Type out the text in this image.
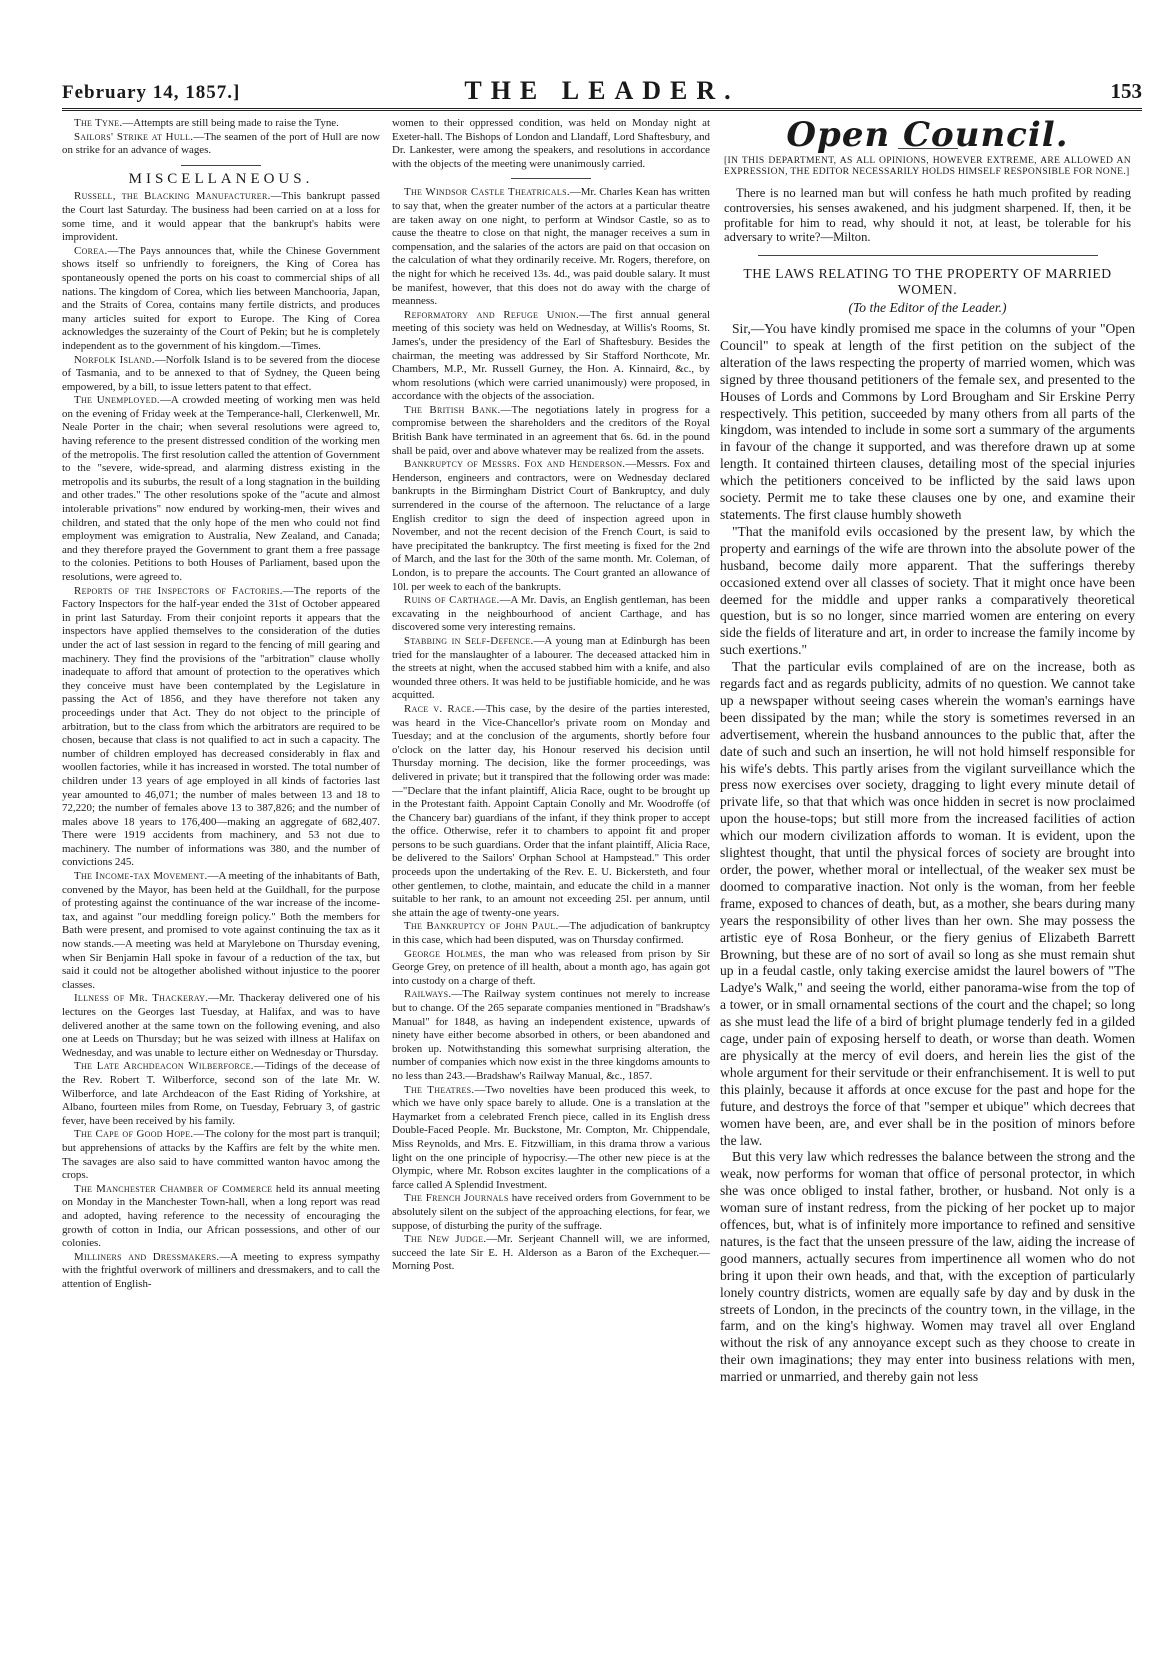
February 14, 1857.]	THE LEADER.	153

The Tyne.—Attempts are still being made to raise the Tyne.

Sailors' Strike at Hull.—The seamen of the port of Hull are now on strike for an advance of wages.

MISCELLANEOUS.

Russell, the Blacking Manufacturer.—This bankrupt passed the Court last Saturday. The business had been carried on at a loss for some time, and it would appear that the bankrupt's habits were improvident.

Corea.—The Pays announces that, while the Chinese Government shows itself so unfriendly to foreigners, the King of Corea has spontaneously opened the ports on his coast to commercial ships of all nations. The kingdom of Corea, which lies between Manchooria, Japan, and the Straits of Corea, contains many fertile districts, and produces many articles suited for export to Europe. The King of Corea acknowledges the suzerainty of the Court of Pekin; but he is completely independent as to the government of his kingdom.—Times.

Norfolk Island.—Norfolk Island is to be severed from the diocese of Tasmania, and to be annexed to that of Sydney, the Queen being empowered, by a bill, to issue letters patent to that effect.

The Unemployed.—A crowded meeting of working men was held on the evening of Friday week at the Temperance-hall, Clerkenwell, Mr. Neale Porter in the chair; when several resolutions were agreed to, having reference to the present distressed condition of the working men of the metropolis. The first resolution called the attention of Government to the "severe, wide-spread, and alarming distress existing in the metropolis and its suburbs, the result of a long stagnation in the building and other trades." The other resolutions spoke of the "acute and almost intolerable privations" now endured by working-men, their wives and children, and stated that the only hope of the men who could not find employment was emigration to Australia, New Zealand, and Canada; and they therefore prayed the Government to grant them a free passage to the colonies. Petitions to both Houses of Parliament, based upon the resolutions, were agreed to.

Reports of the Inspectors of Factories.—The reports of the Factory Inspectors for the half-year ended the 31st of October appeared in print last Saturday. From their conjoint reports it appears that the inspectors have applied themselves to the consideration of the duties under the act of last session in regard to the fencing of mill gearing and machinery. They find the provisions of the "arbitration" clause wholly inadequate to afford that amount of protection to the operatives which they conceive must have been contemplated by the Legislature in passing the Act of 1856, and they have therefore not taken any proceedings under that Act. They do not object to the principle of arbitration, but to the class from which the arbitrators are required to be chosen, because that class is not qualified to act in such a capacity. The number of children employed has decreased considerably in flax and woollen factories, while it has increased in worsted. The total number of children under 13 years of age employed in all kinds of factories last year amounted to 46,071; the number of males between 13 and 18 to 72,220; the number of females above 13 to 387,826; and the number of males above 18 years to 176,400—making an aggregate of 682,407. There were 1919 accidents from machinery, and 53 not due to machinery. The number of informations was 380, and the number of convictions 245.

The Income-tax Movement.—A meeting of the inhabitants of Bath, convened by the Mayor, has been held at the Guildhall, for the purpose of protesting against the continuance of the war increase of the income-tax, and against "our meddling foreign policy." Both the members for Bath were present, and promised to vote against continuing the tax as it now stands.—A meeting was held at Marylebone on Thursday evening, when Sir Benjamin Hall spoke in favour of a reduction of the tax, but said it could not be altogether abolished without injustice to the poorer classes.

Illness of Mr. Thackeray.—Mr. Thackeray delivered one of his lectures on the Georges last Tuesday, at Halifax, and was to have delivered another at the same town on the following evening, and also one at Leeds on Thursday; but he was seized with illness at Halifax on Wednesday, and was unable to lecture either on Wednesday or Thursday.

The Late Archdeacon Wilberforce.—Tidings of the decease of the Rev. Robert T. Wilberforce, second son of the late Mr. W. Wilberforce, and late Archdeacon of the East Riding of Yorkshire, at Albano, fourteen miles from Rome, on Tuesday, February 3, of gastric fever, have been received by his family.

The Cape of Good Hope.—The colony for the most part is tranquil; but apprehensions of attacks by the Kaffirs are felt by the white men. The savages are also said to have committed wanton havoc among the crops.

The Manchester Chamber of Commerce held its annual meeting on Monday in the Manchester Town-hall, when a long report was read and adopted, having reference to the necessity of encouraging the growth of cotton in India, our African possessions, and other of our colonies.

Milliners and Dressmakers.—A meeting to express sympathy with the frightful overwork of milliners and dressmakers, and to call the attention of English-

women to their oppressed condition, was held on Monday night at Exeter-hall. The Bishops of London and Llandaff, Lord Shaftesbury, and Dr. Lankester, were among the speakers, and resolutions in accordance with the objects of the meeting were unanimously carried.

The Windsor Castle Theatricals.—Mr. Charles Kean has written to say that, when the greater number of the actors at a particular theatre are taken away on one night, to perform at Windsor Castle, so as to cause the theatre to close on that night, the manager receives a sum in compensation, and the salaries of the actors are paid on that occasion on the calculation of what they ordinarily receive. Mr. Rogers, therefore, on the night for which he received 13s. 4d., was paid double salary. It must be manifest, however, that this does not do away with the charge of meanness.

Reformatory and Refuge Union.—The first annual general meeting of this society was held on Wednesday, at Willis's Rooms, St. James's, under the presidency of the Earl of Shaftesbury. Besides the chairman, the meeting was addressed by Sir Stafford Northcote, Mr. Chambers, M.P., Mr. Russell Gurney, the Hon. A. Kinnaird, &c., by whom resolutions (which were carried unanimously) were proposed, in accordance with the objects of the association.

The British Bank.—The negotiations lately in progress for a compromise between the shareholders and the creditors of the Royal British Bank have terminated in an agreement that 6s. 6d. in the pound shall be paid, over and above whatever may be realized from the assets.

Bankruptcy of Messrs. Fox and Henderson.—Messrs. Fox and Henderson, engineers and contractors, were on Wednesday declared bankrupts in the Birmingham District Court of Bankruptcy, and duly surrendered in the course of the afternoon. The reluctance of a large English creditor to sign the deed of inspection agreed upon in November, and not the recent decision of the French Court, is said to have precipitated the bankruptcy. The first meeting is fixed for the 2nd of March, and the last for the 30th of the same month. Mr. Coleman, of London, is to prepare the accounts. The Court granted an allowance of 10l. per week to each of the bankrupts.

Ruins of Carthage.—A Mr. Davis, an English gentleman, has been excavating in the neighbourhood of ancient Carthage, and has discovered some very interesting remains.

Stabbing in Self-Defence.—A young man at Edinburgh has been tried for the manslaughter of a labourer. The deceased attacked him in the streets at night, when the accused stabbed him with a knife, and also wounded three others. It was held to be justifiable homicide, and he was acquitted.

Race v. Race.—This case, by the desire of the parties interested, was heard in the Vice-Chancellor's private room on Monday and Tuesday; and at the conclusion of the arguments, shortly before four o'clock on the latter day, his Honour reserved his decision until Thursday morning. The decision, like the former proceedings, was delivered in private; but it transpired that the following order was made:—"Declare that the infant plaintiff, Alicia Race, ought to be brought up in the Protestant faith. Appoint Captain Conolly and Mr. Woodroffe (of the Chancery bar) guardians of the infant, if they think proper to accept the office. Otherwise, refer it to chambers to appoint fit and proper persons to be such guardians. Order that the infant plaintiff, Alicia Race, be delivered to the Sailors' Orphan School at Hampstead." This order proceeds upon the undertaking of the Rev. E. U. Bickersteth, and four other gentlemen, to clothe, maintain, and educate the child in a manner suitable to her rank, to an amount not exceeding 25l. per annum, until she attain the age of twenty-one years.

The Bankruptcy of John Paul.—The adjudication of bankruptcy in this case, which had been disputed, was on Thursday confirmed.

George Holmes, the man who was released from prison by Sir George Grey, on pretence of ill health, about a month ago, has again got into custody on a charge of theft.

Railways.—The Railway system continues not merely to increase but to change. Of the 265 separate companies mentioned in "Bradshaw's Manual" for 1848, as having an independent existence, upwards of ninety have either become absorbed in others, or been abandoned and broken up. Notwithstanding this somewhat surprising alteration, the number of companies which now exist in the three kingdoms amounts to no less than 243.—Bradshaw's Railway Manual, &c., 1857.

The Theatres.—Two novelties have been produced this week, to which we have only space barely to allude. One is a translation at the Haymarket from a celebrated French piece, called in its English dress Double-Faced People. Mr. Buckstone, Mr. Compton, Mr. Chippendale, Miss Reynolds, and Mrs. E. Fitzwilliam, in this drama throw a various light on the one principle of hypocrisy.—The other new piece is at the Olympic, where Mr. Robson excites laughter in the complications of a farce called A Splendid Investment.

The French Journals have received orders from Government to be absolutely silent on the subject of the approaching elections, for fear, we suppose, of disturbing the purity of the suffrage.

The New Judge.—Mr. Serjeant Channell will, we are informed, succeed the late Sir E. H. Alderson as a Baron of the Exchequer.—Morning Post.

Open Council.
[IN THIS DEPARTMENT, AS ALL OPINIONS, HOWEVER EXTREME, ARE ALLOWED AN EXPRESSION, THE EDITOR NECESSARILY HOLDS HIMSELF RESPONSIBLE FOR NONE.]
There is no learned man but will confess he hath much profited by reading controversies, his senses awakened, and his judgment sharpened. If, then, it be profitable for him to read, why should it not, at least, be tolerable for his adversary to write?—Milton.
THE LAWS RELATING TO THE PROPERTY OF MARRIED WOMEN.
(To the Editor of the Leader.)

Sir,—You have kindly promised me space in the columns of your "Open Council" to speak at length of the first petition on the subject of the alteration of the laws respecting the property of married women, which was signed by three thousand petitioners of the female sex, and presented to the Houses of Lords and Commons by Lord Brougham and Sir Erskine Perry respectively. This petition, succeeded by many others from all parts of the kingdom, was intended to include in some sort a summary of the arguments in favour of the change it supported, and was therefore drawn up at some length. It contained thirteen clauses, detailing most of the special injuries which the petitioners conceived to be inflicted by the said laws upon society. Permit me to take these clauses one by one, and examine their statements. The first clause humbly showeth

"That the manifold evils occasioned by the present law, by which the property and earnings of the wife are thrown into the absolute power of the husband, become daily more apparent. That the sufferings thereby occasioned extend over all classes of society. That it might once have been deemed for the middle and upper ranks a comparatively theoretical question, but is so no longer, since married women are entering on every side the fields of literature and art, in order to increase the family income by such exertions."

That the particular evils complained of are on the increase, both as regards fact and as regards publicity, admits of no question. We cannot take up a newspaper without seeing cases wherein the woman's earnings have been dissipated by the man; while the story is sometimes reversed in an advertisement, wherein the husband announces to the public that, after the date of such and such an insertion, he will not hold himself responsible for his wife's debts. This partly arises from the vigilant surveillance which the press now exercises over society, dragging to light every minute detail of private life, so that that which was once hidden in secret is now proclaimed upon the house-tops; but still more from the increased facilities of action which our modern civilization affords to woman. It is evident, upon the slightest thought, that until the physical forces of society are brought into order, the power, whether moral or intellectual, of the weaker sex must be doomed to comparative inaction. Not only is the woman, from her feeble frame, exposed to chances of death, but, as a mother, she bears during many years the responsibility of other lives than her own. She may possess the artistic eye of Rosa Bonheur, or the fiery genius of Elizabeth Barrett Browning, but these are of no sort of avail so long as she must remain shut up in a feudal castle, only taking exercise amidst the laurel bowers of "The Ladye's Walk," and seeing the world, either panorama-wise from the top of a tower, or in small ornamental sections of the court and the chapel; so long as she must lead the life of a bird of bright plumage tenderly fed in a gilded cage, under pain of exposing herself to death, or worse than death. Women are physically at the mercy of evil doers, and herein lies the gist of the whole argument for their servitude or their enfranchisement. It is well to put this plainly, because it affords at once excuse for the past and hope for the future, and destroys the force of that "semper et ubique" which decrees that women have been, are, and ever shall be in the position of minors before the law.

But this very law which redresses the balance between the strong and the weak, now performs for woman that office of personal protector, in which she was once obliged to instal father, brother, or husband. Not only is a woman sure of instant redress, from the picking of her pocket up to major offences, but, what is of infinitely more importance to refined and sensitive natures, is the fact that the unseen pressure of the law, aiding the increase of good manners, actually secures from impertinence all women who do not bring it upon their own heads, and that, with the exception of particularly lonely country districts, women are equally safe by day and by dusk in the streets of London, in the precincts of the country town, in the village, in the farm, and on the king's highway. Women may travel all over England without the risk of any annoyance except such as they choose to create in their own imaginations; they may enter into business relations with men, married or unmarried, and thereby gain not less
